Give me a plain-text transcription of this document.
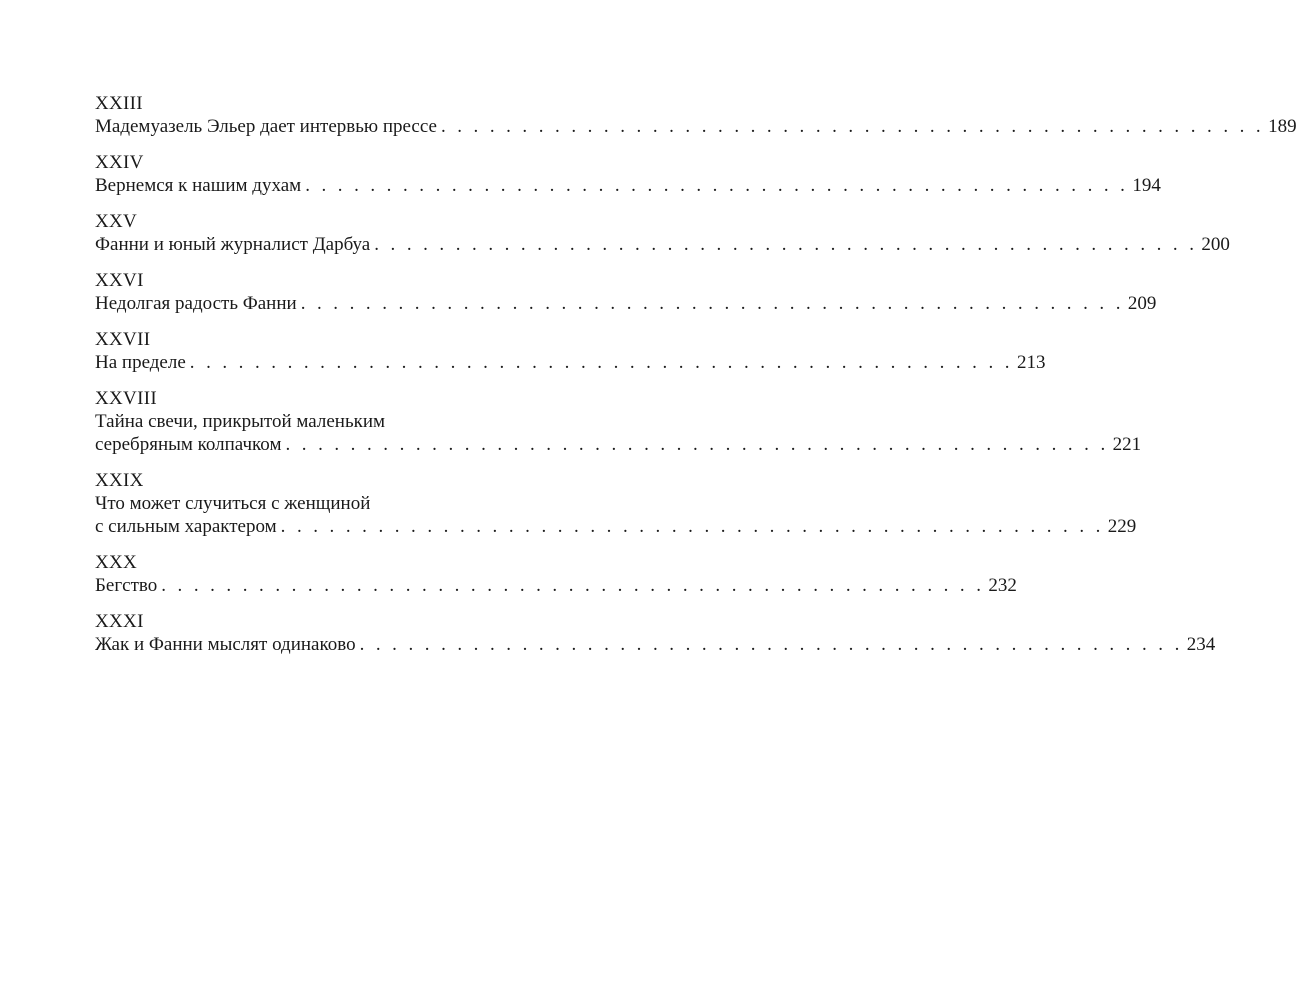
XXIII
Мадемуазель Эльер дает интервью прессе . . . . . . . . . . . . . . . . . . . . . . . . . . . . . . . . . . . . . . . . . . . . . . . . . . . 189
XXIV
Вернемся к нашим духам . . . . . . . . . . . . . . . . . . . . . . . . . . . . . . . . . . . . . . . . . . . . . . . . . . . 194
XXV
Фанни и юный журналист Дарбуа . . . . . . . . . . . . . . . . . . . . . . . . . . . . . . . . . . . . . . . . . . . . . . . . . . . 200
XXVI
Недолгая радость Фанни . . . . . . . . . . . . . . . . . . . . . . . . . . . . . . . . . . . . . . . . . . . . . . . . . . . 209
XXVII
На пределе . . . . . . . . . . . . . . . . . . . . . . . . . . . . . . . . . . . . . . . . . . . . . . . . . . . 213
XXVIII
Тайна свечи, прикрытой маленьким
серебряным колпачком . . . . . . . . . . . . . . . . . . . . . . . . . . . . . . . . . . . . . . . . . . . . . . . . . . . 221
XXIX
Что может случиться с женщиной
с сильным характером . . . . . . . . . . . . . . . . . . . . . . . . . . . . . . . . . . . . . . . . . . . . . . . . . . . 229
XXX
Бегство . . . . . . . . . . . . . . . . . . . . . . . . . . . . . . . . . . . . . . . . . . . . . . . . . . . 232
XXXI
Жак и Фанни мыслят одинаково . . . . . . . . . . . . . . . . . . . . . . . . . . . . . . . . . . . . . . . . . . . . . . . . . . . 234
